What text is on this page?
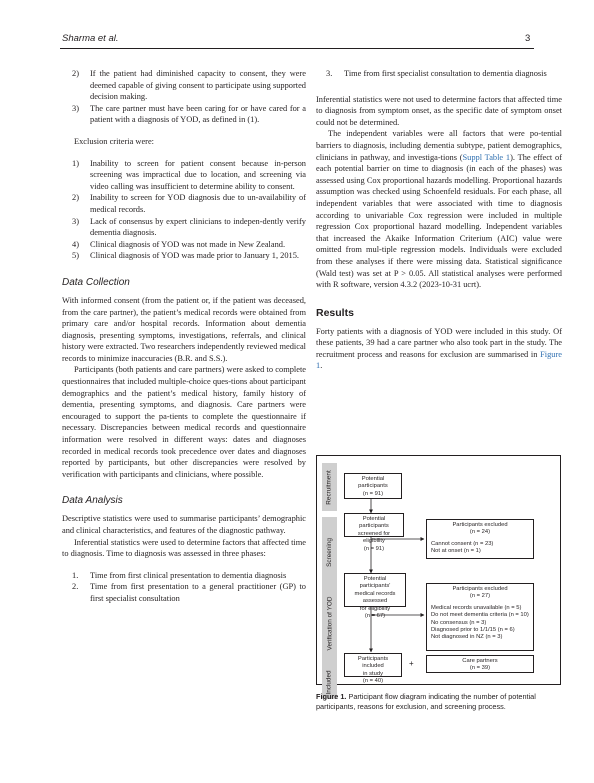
Sharma et al.	3
2)	If the patient had diminished capacity to consent, they were deemed capable of giving consent to participate using supported decision making.
3)	The care partner must have been caring for or have cared for a patient with a diagnosis of YOD, as defined in (1).

Exclusion criteria were:

1)	Inability to screen for patient consent because in-person screening was impractical due to location, and screening via video calling was insufficient to determine ability to consent.
2)	Inability to screen for YOD diagnosis due to un-availability of medical records.
3)	Lack of consensus by expert clinicians to indepen-dently verify dementia diagnosis.
4)	Clinical diagnosis of YOD was not made in New Zealand.
5)	Clinical diagnosis of YOD was made prior to January 1, 2015.
Data Collection

With informed consent (from the patient or, if the patient was deceased, from the care partner), the patient’s medical records were obtained from primary care and/or hospital records. Information about dementia diagnosis, presenting symptoms, investigations, referrals, and clinical history were extracted. Two researchers independently reviewed medical records to minimize inaccuracies (B.R. and S.S.).

Participants (both patients and care partners) were asked to complete questionnaires that included multiple-choice ques-tions about participant demographics and the patient’s medical history, family history of dementia, presenting symptoms, and diagnosis. Care partners were encouraged to support the pa-tients to complete the questionnaire if necessary. Discrepancies between medical records and questionnaire information were resolved in different ways: dates and diagnoses recorded in medical records took precedence over dates and diagnoses reported by participants, but other discrepancies were resolved by verification with participants and clinicians, where possible.

Data Analysis

Descriptive statistics were used to summarise participants’ demographic and clinical characteristics, and features of the diagnostic pathway.

Inferential statistics were used to determine factors that affected time to diagnosis. Time to diagnosis was assessed in three phases:

1.	Time from first clinical presentation to dementia diagnosis
2.	Time from first presentation to a general practitioner (GP) to first specialist consultation
3.	Time from first specialist consultation to dementia diagnosis

Inferential statistics were not used to determine factors that affected time to diagnosis from symptom onset, as the specific date of symptom onset could not be determined.

The independent variables were all factors that were po-tential barriers to diagnosis, including dementia subtype, patient demographics, clinicians in pathway, and investiga-tions (Suppl Table 1). The effect of each potential barrier on time to diagnosis (in each of the phases) was assessed using Cox proportional hazards modelling. Proportional hazards assumption was checked using Schoenfeld residuals. For each phase, all independent variables that were associated with time to diagnosis according to univariable Cox regression were included in multiple regression Cox proportional hazard modelling. Independent variables that increased the Akaike Information Criterium (AIC) value were omitted from mul-tiple regression models. Individuals were excluded from these analyses if there were missing data. Statistical significance (Wald test) was set at P > 0.05. All statistical analyses were performed with R software, version 4.3.2 (2023-10-31 ucrt).

Results

Forty patients with a diagnosis of YOD were included in this study. Of these patients, 39 had a care partner who also took part in the study. The recruitment process and reasons for exclusion are summarised in Figure 1.

Recruitment
Screening
Verification of YOD
Included
Potential participants
(n = 91)
Potential participants
screened for eligibility
(n = 91)
Participants excluded
(n = 24)
Cannot consent (n = 23)
Not at onset (n = 1)
Potential participants'
medical records assessed
for eligibility
(n = 67)
Participants excluded
(n = 27)
Medical records unavailable (n = 5)
Do not meet dementia criteria (n = 10)
No consensus (n = 3)
Diagnosed prior to 1/1/15 (n = 6)
Not diagnosed in NZ (n = 3)
Participants included
in study
(n = 40)
+	Care partners
(n = 39)
Figure 1. Participant flow diagram indicating the number of potential participants, reasons for exclusion, and screening process.
